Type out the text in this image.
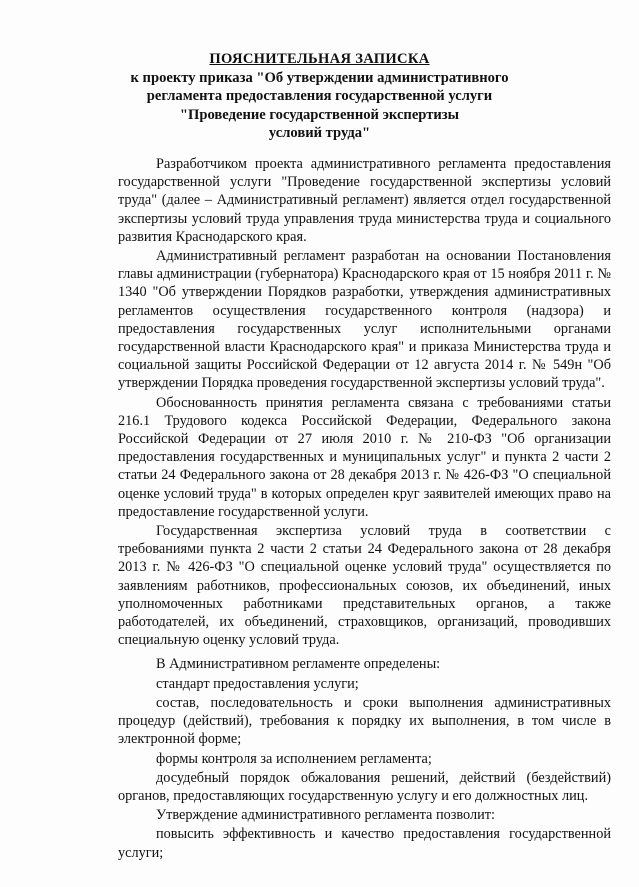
ПОЯСНИТЕЛЬНАЯ ЗАПИСКА
к проекту приказа "Об утверждении административного
регламента предоставления государственной услуги
"Проведение государственной экспертизы
условий труда"

Разработчиком проекта административного регламента предоставления государственной услуги "Проведение государственной экспертизы условий труда" (далее – Административный регламент) является отдел государственной экспертизы условий труда управления труда министерства труда и социального развития Краснодарского края.

Административный регламент разработан на основании Постановления главы администрации (губернатора) Краснодарского края от 15 ноября 2011 г. № 1340 "Об утверждении Порядков разработки, утверждения административных регламентов осуществления государственного контроля (надзора) и предоставления государственных услуг исполнительными органами государственной власти Краснодарского края" и приказа Министерства труда и социальной защиты Российской Федерации от 12 августа 2014 г. № 549н "Об утверждении Порядка проведения государственной экспертизы условий труда".

Обоснованность принятия регламента связана с требованиями статьи 216.1 Трудового кодекса Российской Федерации, Федерального закона Российской Федерации от 27 июля 2010 г. № 210-ФЗ "Об организации предоставления государственных и муниципальных услуг" и пункта 2 части 2 статьи 24 Федерального закона от 28 декабря 2013 г. № 426-ФЗ "О специальной оценке условий труда" в которых определен круг заявителей имеющих право на предоставление государственной услуги.

Государственная экспертиза условий труда в соответствии с требованиями пункта 2 части 2 статьи 24 Федерального закона от 28 декабря 2013 г. № 426-ФЗ "О специальной оценке условий труда" осуществляется по заявлениям работников, профессиональных союзов, их объединений, иных уполномоченных работниками представительных органов, а также работодателей, их объединений, страховщиков, организаций, проводивших специальную оценку условий труда.

В Административном регламенте определены:

стандарт предоставления услуги;

состав, последовательность и сроки выполнения административных процедур (действий), требования к порядку их выполнения, в том числе в электронной форме;

формы контроля за исполнением регламента;

досудебный порядок обжалования решений, действий (бездействий) органов, предоставляющих государственную услугу и его должностных лиц.

Утверждение административного регламента позволит:

повысить эффективность и качество предоставления государственной услуги;
